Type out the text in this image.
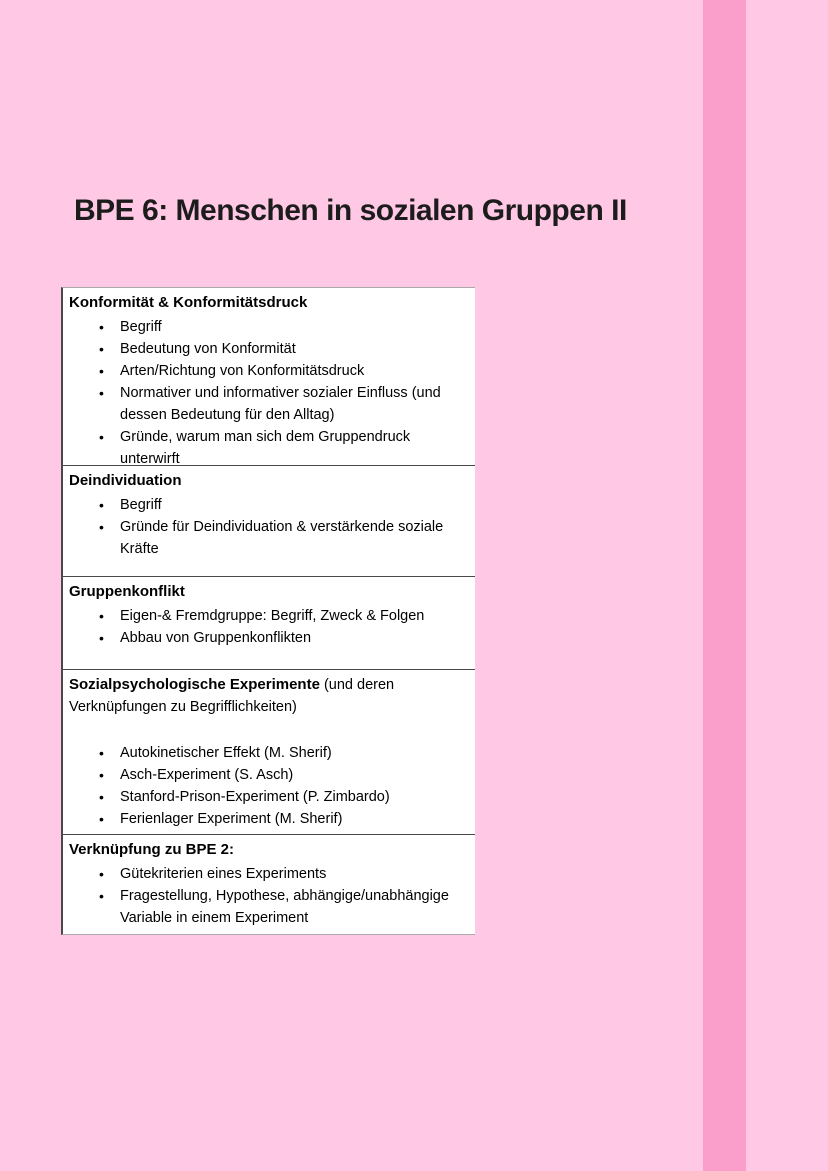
BPE 6: Menschen in sozialen Gruppen II

Konformität & Konformitätsdruck

•	Begriff
•	Bedeutung von Konformität
•	Arten/Richtung von Konformitätsdruck
•	Normativer und informativer sozialer Einfluss (und dessen Bedeutung für den Alltag)
•	Gründe, warum man sich dem Gruppendruck unterwirft

Deindividuation

•	Begriff
•	Gründe für Deindividuation & verstärkende soziale Kräfte

Gruppenkonflikt

•	Eigen-& Fremdgruppe: Begriff, Zweck & Folgen
•	Abbau von Gruppenkonflikten

Sozialpsychologische Experimente (und deren Verknüpfungen zu Begrifflichkeiten)

•	Autokinetischer Effekt (M. Sherif)
•	Asch-Experiment (S. Asch)
•	Stanford-Prison-Experiment (P. Zimbardo)
•	Ferienlager Experiment (M. Sherif)

Verknüpfung zu BPE 2:

•	Gütekriterien eines Experiments
•	Fragestellung, Hypothese, abhängige/unabhängige Variable in einem Experiment
